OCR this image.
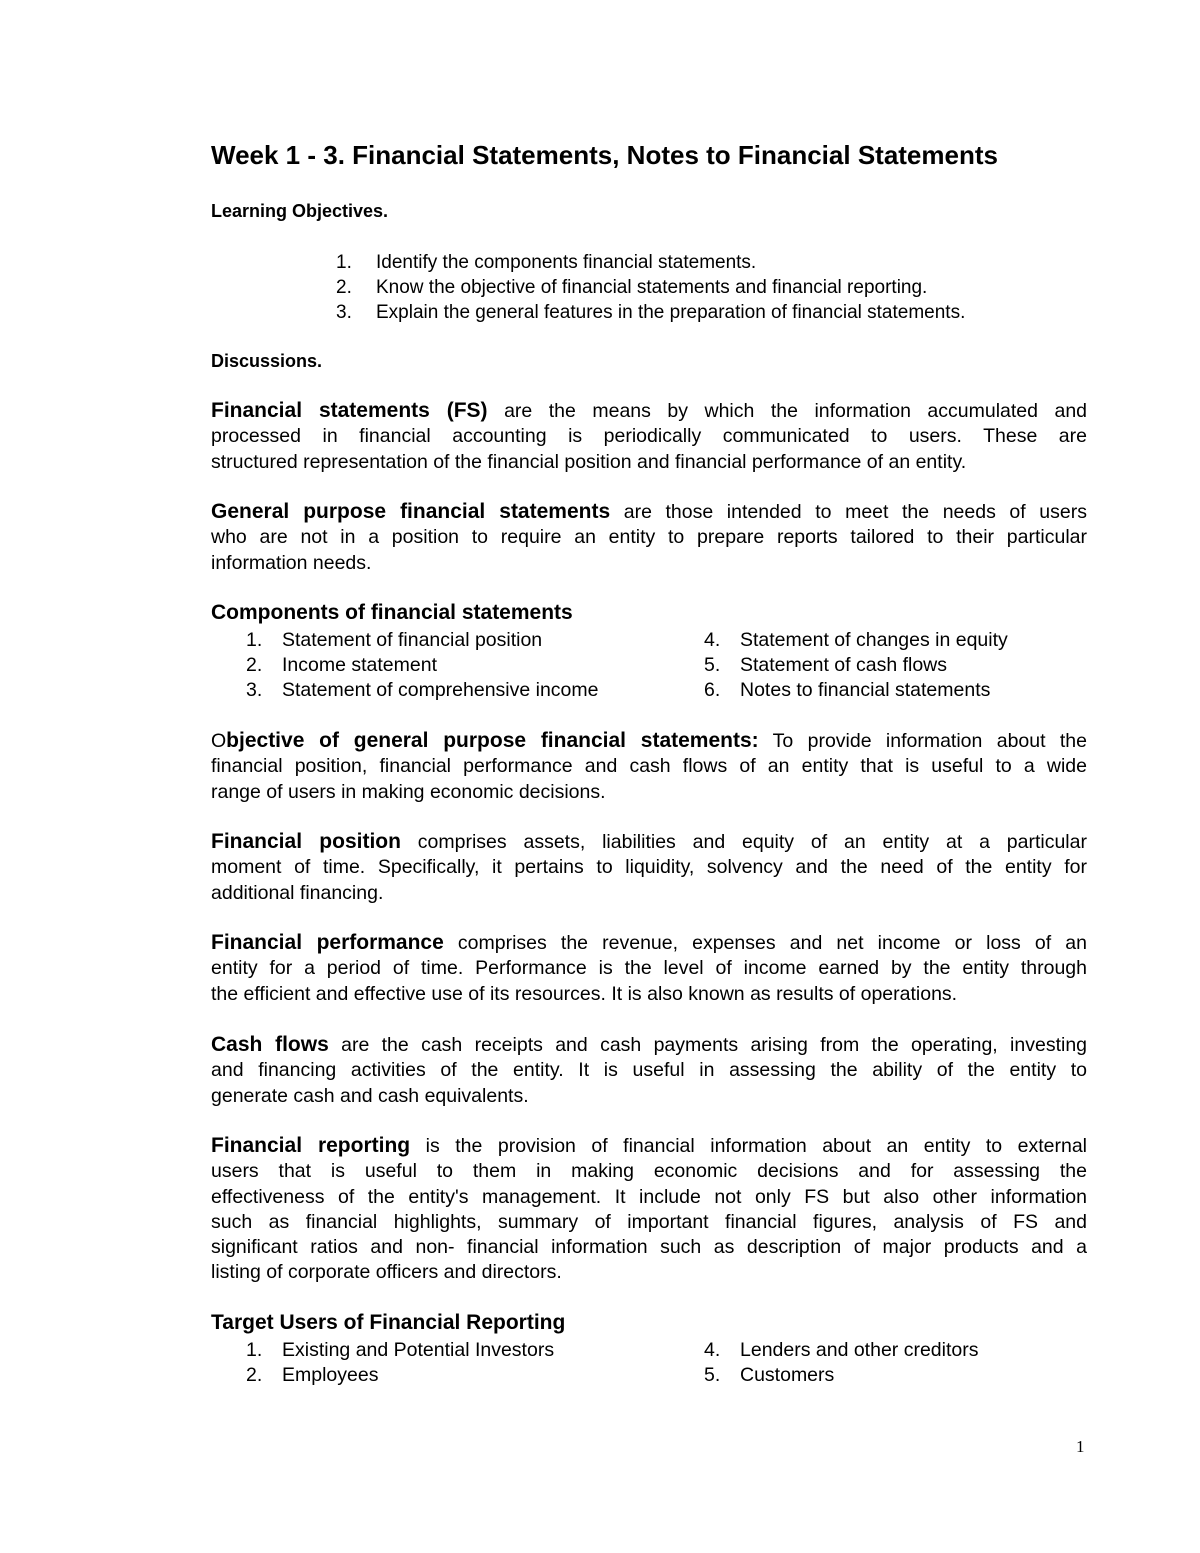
Week 1 - 3. Financial Statements, Notes to Financial Statements
Learning Objectives.
1. Identify the components financial statements.
2. Know the objective of financial statements and financial reporting.
3. Explain the general features in the preparation of financial statements.
Discussions.
Financial statements (FS) are the means by which the information accumulated and
processed in financial accounting is periodically communicated to users. These are
structured representation of the financial position and financial performance of an entity.
General purpose financial statements are those intended to meet the needs of users
who are not in a position to require an entity to prepare reports tailored to their particular
information needs.
Components of financial statements
1. Statement of financial position
2. Income statement
3. Statement of comprehensive income
4. Statement of changes in equity
5. Statement of cash flows
6. Notes to financial statements
Objective of general purpose financial statements: To provide information about the
financial position, financial performance and cash flows of an entity that is useful to a wide
range of users in making economic decisions.
Financial position comprises assets, liabilities and equity of an entity at a particular
moment of time. Specifically, it pertains to liquidity, solvency and the need of the entity for
additional financing.
Financial performance comprises the revenue, expenses and net income or loss of an
entity for a period of time. Performance is the level of income earned by the entity through
the efficient and effective use of its resources. It is also known as results of operations.
Cash flows are the cash receipts and cash payments arising from the operating, investing
and financing activities of the entity. It is useful in assessing the ability of the entity to
generate cash and cash equivalents.
Financial reporting is the provision of financial information about an entity to external
users that is useful to them in making economic decisions and for assessing the
effectiveness of the entity's management. It include not only FS but also other information
such as financial highlights, summary of important financial figures, analysis of FS and
significant ratios and non- financial information such as description of major products and a
listing of corporate officers and directors.
Target Users of Financial Reporting
1. Existing and Potential Investors
2. Employees
4. Lenders and other creditors
5. Customers
1
